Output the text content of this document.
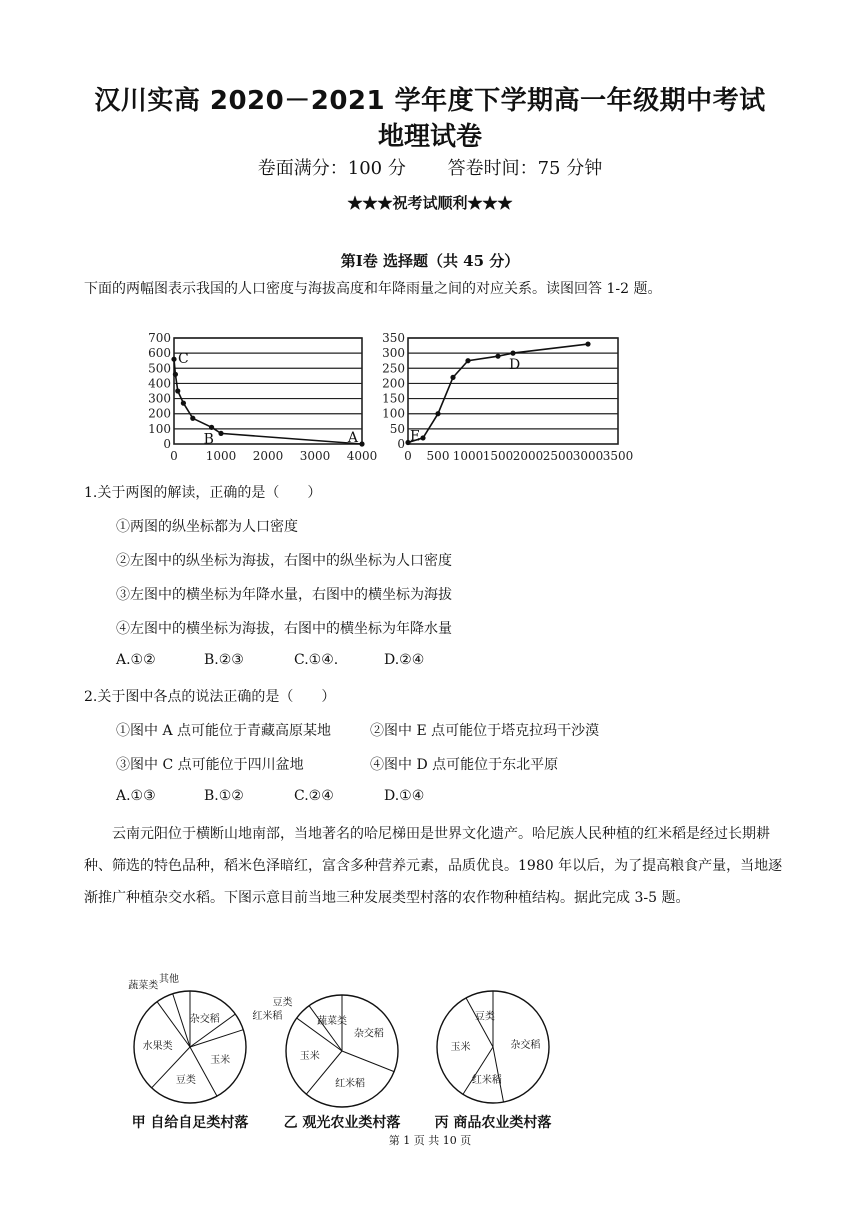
汉川实高 2020－2021 学年度下学期高一年级期中考试
地理试卷
卷面满分：100 分 答卷时间：75 分钟
★★★祝考试顺利★★★
第Ⅰ卷 选择题（共 45 分）
下面的两幅图表示我国的人口密度与海拔高度和年降雨量之间的对应关系。读图回答 1-2 题。
0
100
200
300
400
500
600
700
0 1000 2000 3000 4000
C
B	A	0
50
100
150
200
250
300
350
0 500 1000 1500 2000 2500 3000 3500
E
D
1.关于两图的解读，正确的是（　　）
①两图的纵坐标都为人口密度
②左图中的纵坐标为海拔，右图中的纵坐标为人口密度
③左图中的横坐标为年降水量，右图中的横坐标为海拔
④左图中的横坐标为海拔，右图中的横坐标为年降水量
A.①②	B.②③	C.①④.	D.②④
2.关于图中各点的说法正确的是（　　）
①图中 A 点可能位于青藏高原某地	②图中 E 点可能位于塔克拉玛干沙漠
③图中 C 点可能位于四川盆地	④图中 D 点可能位于东北平原
A.①③	B.①②	C.②④	D.①④

云南元阳位于横断山地南部，当地著名的哈尼梯田是世界文化遗产。哈尼族人民种植的红米稻是经过长期耕种、筛选的特色品种，稻米色泽暗红，富含多种营养元素，品质优良。1980 年以后，为了提高粮食产量，当地逐渐推广种植杂交水稻。下图示意目前当地三种发展类型村落的农作物种植结构。据此完成 3-5 题。

杂交稻	红米稻
玉米
豆类
水果类
蔬菜类
其他
甲 自给自足类村落
杂交稻
红米稻
玉米
豆类
蔬菜类
乙 观光农业类村落
杂交稻
红米稻
玉米
豆类
丙 商品农业类村落
第 1 页 共 10 页
